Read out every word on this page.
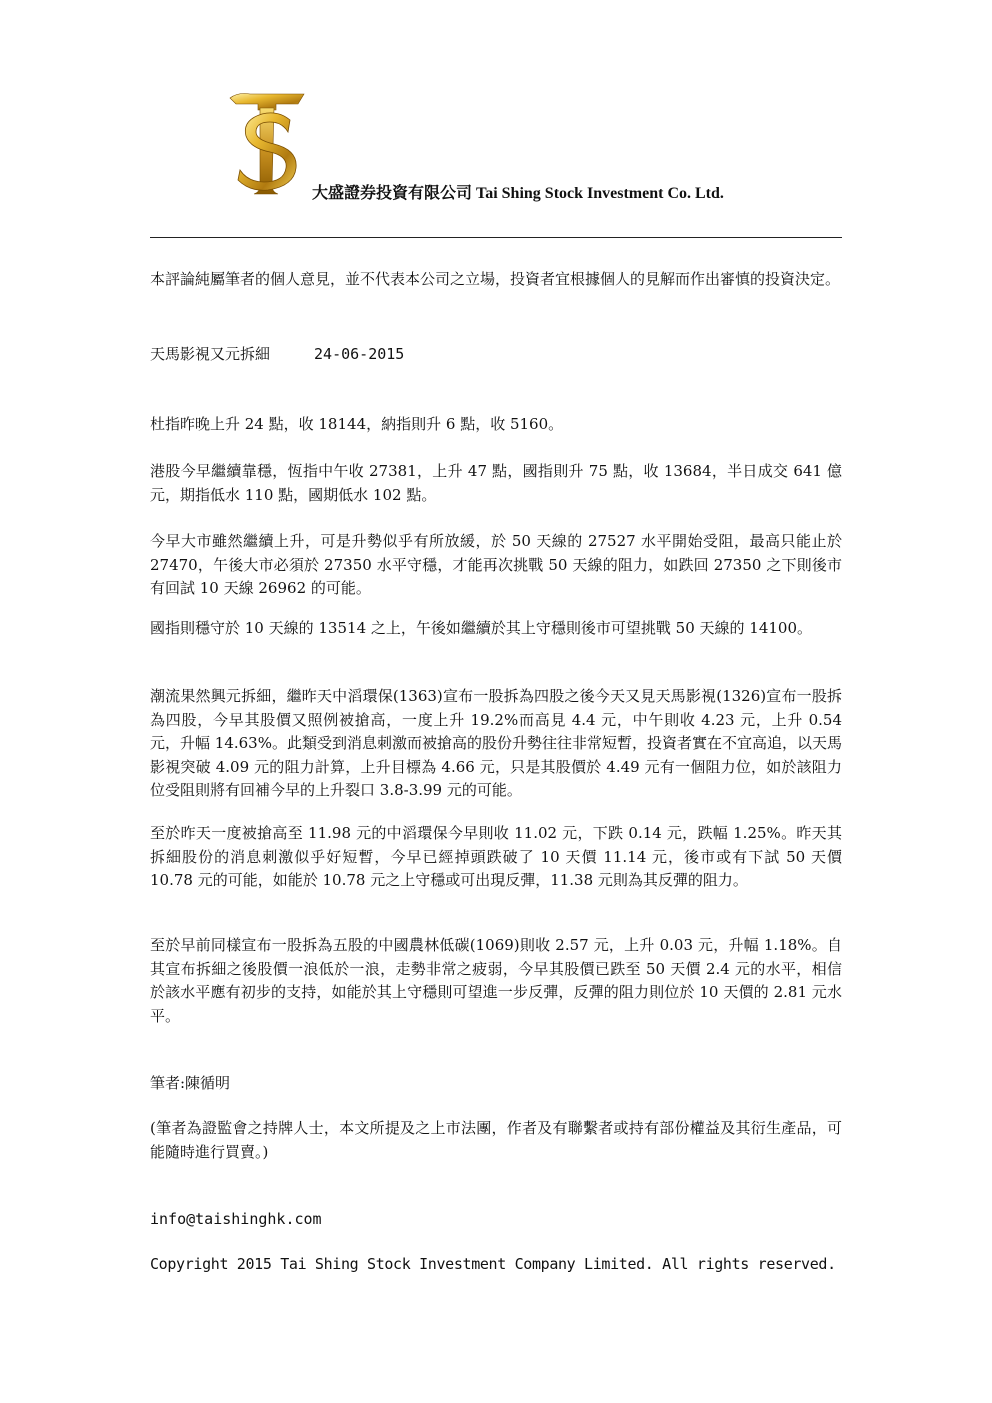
大盛證券投資有限公司 Tai Shing Stock Investment Co. Ltd.
本評論純屬筆者的個人意見，並不代表本公司之立場，投資者宜根據個人的見解而作出審慎的投資決定。
天馬影視又元拆細	24-06-2015
杜指昨晚上升 24 點，收 18144，納指則升 6 點，收 5160。
港股今早繼續靠穩，恆指中午收 27381，上升 47 點，國指則升 75 點，收 13684，半日成交 641 億元，期指低水 110 點，國期低水 102 點。
今早大市雖然繼續上升，可是升勢似乎有所放緩，於 50 天線的 27527 水平開始受阻，最高只能止於 27470，午後大市必須於 27350 水平守穩，才能再次挑戰 50 天線的阻力，如跌回 27350 之下則後市有回試 10 天線 26962 的可能。
國指則穩守於 10 天線的 13514 之上，午後如繼續於其上守穩則後市可望挑戰 50 天線的 14100。
潮流果然興元拆細，繼昨天中滔環保(1363)宣布一股拆為四股之後今天又見天馬影視(1326)宣布一股拆為四股，今早其股價又照例被搶高，一度上升 19.2%而高見 4.4 元，中午則收 4.23 元，上升 0.54 元，升幅 14.63%。此類受到消息刺激而被搶高的股份升勢往往非常短暫，投資者實在不宜高追，以天馬影視突破 4.09 元的阻力計算，上升目標為 4.66 元，只是其股價於 4.49 元有一個阻力位，如於該阻力位受阻則將有回補今早的上升裂口 3.8-3.99 元的可能。
至於昨天一度被搶高至 11.98 元的中滔環保今早則收 11.02 元，下跌 0.14 元，跌幅 1.25%。昨天其拆細股份的消息刺激似乎好短暫，今早已經掉頭跌破了 10 天價 11.14 元，後市或有下試 50 天價 10.78 元的可能，如能於 10.78 元之上守穩或可出現反彈，11.38 元則為其反彈的阻力。
至於早前同樣宣布一股拆為五股的中國農林低碳(1069)則收 2.57 元，上升 0.03 元，升幅 1.18%。自其宣布拆細之後股價一浪低於一浪，走勢非常之疲弱，今早其股價已跌至 50 天價 2.4 元的水平，相信於該水平應有初步的支持，如能於其上守穩則可望進一步反彈，反彈的阻力則位於 10 天價的 2.81 元水平。
筆者:陳循明
(筆者為證監會之持牌人士，本文所提及之上市法團，作者及有聯繫者或持有部份權益及其衍生產品，可能隨時進行買賣。)
info@taishinghk.com
Copyright 2015 Tai Shing Stock Investment Company Limited. All rights reserved.
